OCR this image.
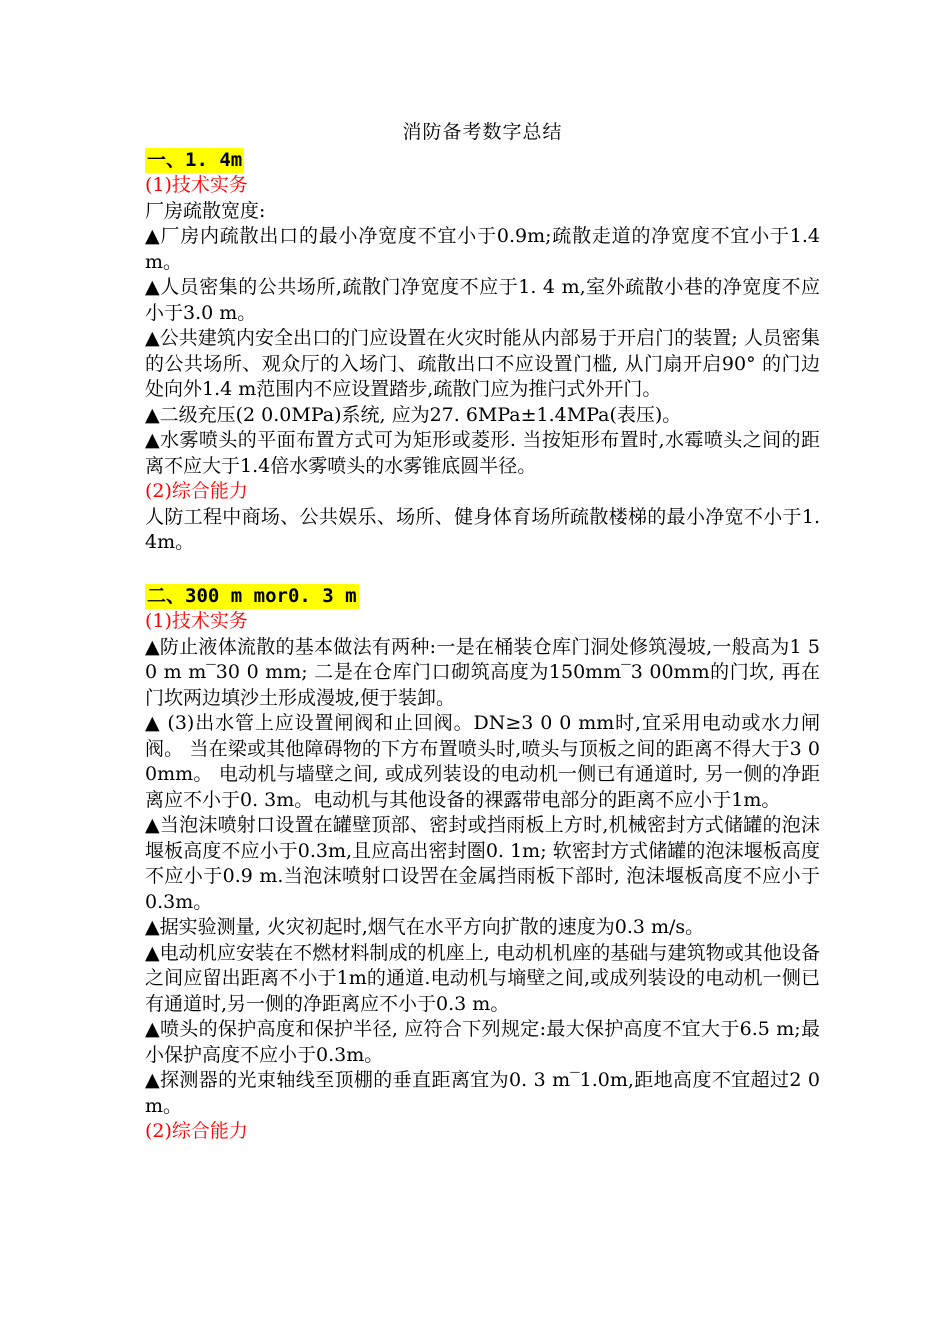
消防备考数字总结

一、1. 4m

(1)技术实务

厂房疏散宽度:

▲厂房内疏散出口的最小净宽度不宜小于0.9m;疏散走道的净宽度不宜小于1.4 m。

▲人员密集的公共场所,疏散门净宽度不应于1. 4 m,室外疏散小巷的净宽度不应小于3.0 m。

▲公共建筑内安全出口的门应设置在火灾时能从内部易于开启门的装置; 人员密集的公共场所、观众厅的入场门、疏散出口不应设置门槛, 从门扇开启90° 的门边处向外1.4 m范围内不应设置踏步,疏散门应为推闩式外开门。

▲二级充压(2 0.0MPa)系统, 应为27. 6MPa±1.4MPa(表压)。

▲水雾喷头的平面布置方式可为矩形或菱形. 当按矩形布置时,水霉喷头之间的距离不应大于1.4倍水雾喷头的水雾锥底圆半径。

(2)综合能力

人防工程中商场、公共娱乐、场所、健身体育场所疏散楼梯的最小净宽不小于1. 4m。

二、300 m mor0. 3 m

(1)技术实务

▲防止液体流散的基本做法有两种:一是在桶装仓库门洞处修筑漫坡,一般高为1 5 0 m m‾30 0 mm; 二是在仓库门口砌筑高度为150mm‾3 00mm的门坎, 再在门坎两边填沙土形成漫坡,便于装卸。

▲ (3)出水管上应设置闸阀和止回阀。DN≥3 0 0 mm时,宜采用电动或水力闸阀。 当在梁或其他障碍物的下方布置喷头时,喷头与顶板之间的距离不得大于3 00mm。 电动机与墙壁之间, 或成列装设的电动机一侧已有通道时, 另一侧的净距离应不小于0. 3m。电动机与其他设备的裸露带电部分的距离不应小于1m。

▲当泡沫喷射口设置在罐壁顶部、密封或挡雨板上方时,机械密封方式储罐的泡沫堰板高度不应小于0.3m,且应高出密封圏0. 1m; 软密封方式储罐的泡沫堰板高度不应小于0.9 m.当泡沫喷射口设罟在金属挡雨板下部时, 泡沫堰板高度不应小于0.3m。

▲据实验测量, 火灾初起时,烟气在水平方向扩散的速度为0.3 m/s。

▲电动机应安装在不燃材料制成的机座上, 电动机机座的基础与建筑物或其他设备之间应留出距离不小于1m的通道.电动机与墒壁之间,或成列装设的电动机一侧已有通道时,另一侧的净距离应不小于0.3 m。

▲喷头的保护高度和保护半径, 应符合下列规定:最大保护高度不宜大于6.5 m;最小保护高度不应小于0.3m。

▲探测器的光束轴线至顶棚的垂直距离宜为0. 3 m‾1.0m,距地高度不宜超过2 0m。

(2)综合能力
